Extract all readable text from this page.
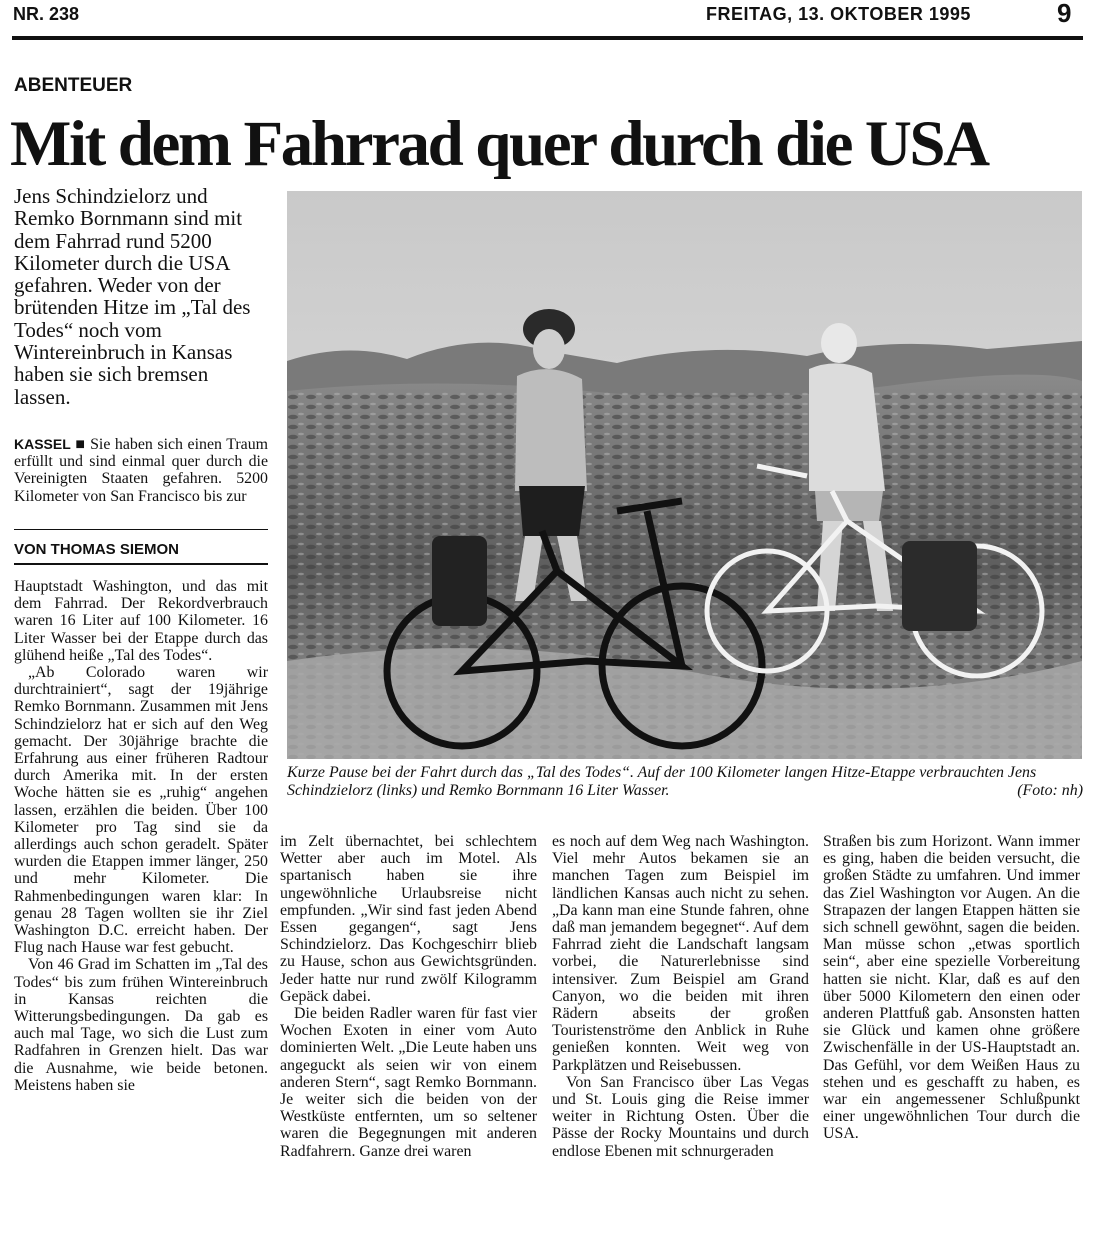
NR. 238	FREITAG, 13. OKTOBER 1995	9
ABENTEUER
Mit dem Fahrrad quer durch die USA
Jens Schindzielorz und Remko Bornmann sind mit dem Fahrrad rund 5200 Kilometer durch die USA gefahren. Weder von der brütenden Hitze im „Tal des Todes“ noch vom Wintereinbruch in Kansas haben sie sich bremsen lassen.

KASSEL ■ Sie haben sich einen Traum erfüllt und sind einmal quer durch die Vereinigten Staaten gefahren. 5200 Kilometer von San Francisco bis zur

VON THOMAS SIEMON

Hauptstadt Washington, und das mit dem Fahrrad. Der Rekordverbrauch waren 16 Liter auf 100 Kilometer. 16 Liter Wasser bei der Etappe durch das glühend heiße „Tal des Todes“.

„Ab Colorado waren wir durchtrainiert“, sagt der 19jährige Remko Bornmann. Zusammen mit Jens Schindzielorz hat er sich auf den Weg gemacht. Der 30jährige brachte die Erfahrung aus einer früheren Radtour durch Amerika mit. In der ersten Woche hätten sie es „ruhig“ angehen lassen, erzählen die beiden. Über 100 Kilometer pro Tag sind sie da allerdings auch schon geradelt. Später wurden die Etappen immer länger, 250 und mehr Kilometer. Die Rahmenbedingungen waren klar: In genau 28 Tagen wollten sie ihr Ziel Washington D.C. erreicht haben. Der Flug nach Hause war fest gebucht.

Von 46 Grad im Schatten im „Tal des Todes“ bis zum frühen Wintereinbruch in Kansas reichten die Witterungsbedingungen. Da gab es auch mal Tage, wo sich die Lust zum Radfahren in Grenzen hielt. Das war die Ausnahme, wie beide betonen. Meistens haben sie

Kurze Pause bei der Fahrt durch das „Tal des Todes“. Auf der 100 Kilometer langen Hitze-Etappe verbrauchten Jens Schindzielorz (links) und Remko Bornmann 16 Liter Wasser.	(Foto: nh)

im Zelt übernachtet, bei schlechtem Wetter aber auch im Motel. Als spartanisch haben sie ihre ungewöhnliche Urlaubsreise nicht empfunden. „Wir sind fast jeden Abend Essen gegangen“, sagt Jens Schindzielorz. Das Kochgeschirr blieb zu Hause, schon aus Gewichtsgründen. Jeder hatte nur rund zwölf Kilogramm Gepäck dabei.

Die beiden Radler waren für fast vier Wochen Exoten in einer vom Auto dominierten Welt. „Die Leute haben uns angeguckt als seien wir von einem anderen Stern“, sagt Remko Bornmann. Je weiter sich die beiden von der Westküste entfernten, um so seltener waren die Begegnungen mit anderen Radfahrern. Ganze drei waren

es noch auf dem Weg nach Washington. Viel mehr Autos bekamen sie an manchen Tagen zum Beispiel im ländlichen Kansas auch nicht zu sehen. „Da kann man eine Stunde fahren, ohne daß man jemandem begegnet“. Auf dem Fahrrad zieht die Landschaft langsam vorbei, die Naturerlebnisse sind intensiver. Zum Beispiel am Grand Canyon, wo die beiden mit ihren Rädern abseits der großen Touristenströme den Anblick in Ruhe genießen konnten. Weit weg von Parkplätzen und Reisebussen.

Von San Francisco über Las Vegas und St. Louis ging die Reise immer weiter in Richtung Osten. Über die Pässe der Rocky Mountains und durch endlose Ebenen mit schnurgeraden

Straßen bis zum Horizont. Wann immer es ging, haben die beiden versucht, die großen Städte zu umfahren. Und immer das Ziel Washington vor Augen. An die Strapazen der langen Etappen hätten sie sich schnell gewöhnt, sagen die beiden. Man müsse schon „etwas sportlich sein“, aber eine spezielle Vorbereitung hatten sie nicht. Klar, daß es auf den über 5000 Kilometern den einen oder anderen Plattfuß gab. Ansonsten hatten sie Glück und kamen ohne größere Zwischenfälle in der US-Hauptstadt an. Das Gefühl, vor dem Weißen Haus zu stehen und es geschafft zu haben, es war ein angemessener Schlußpunkt einer ungewöhnlichen Tour durch die USA.
